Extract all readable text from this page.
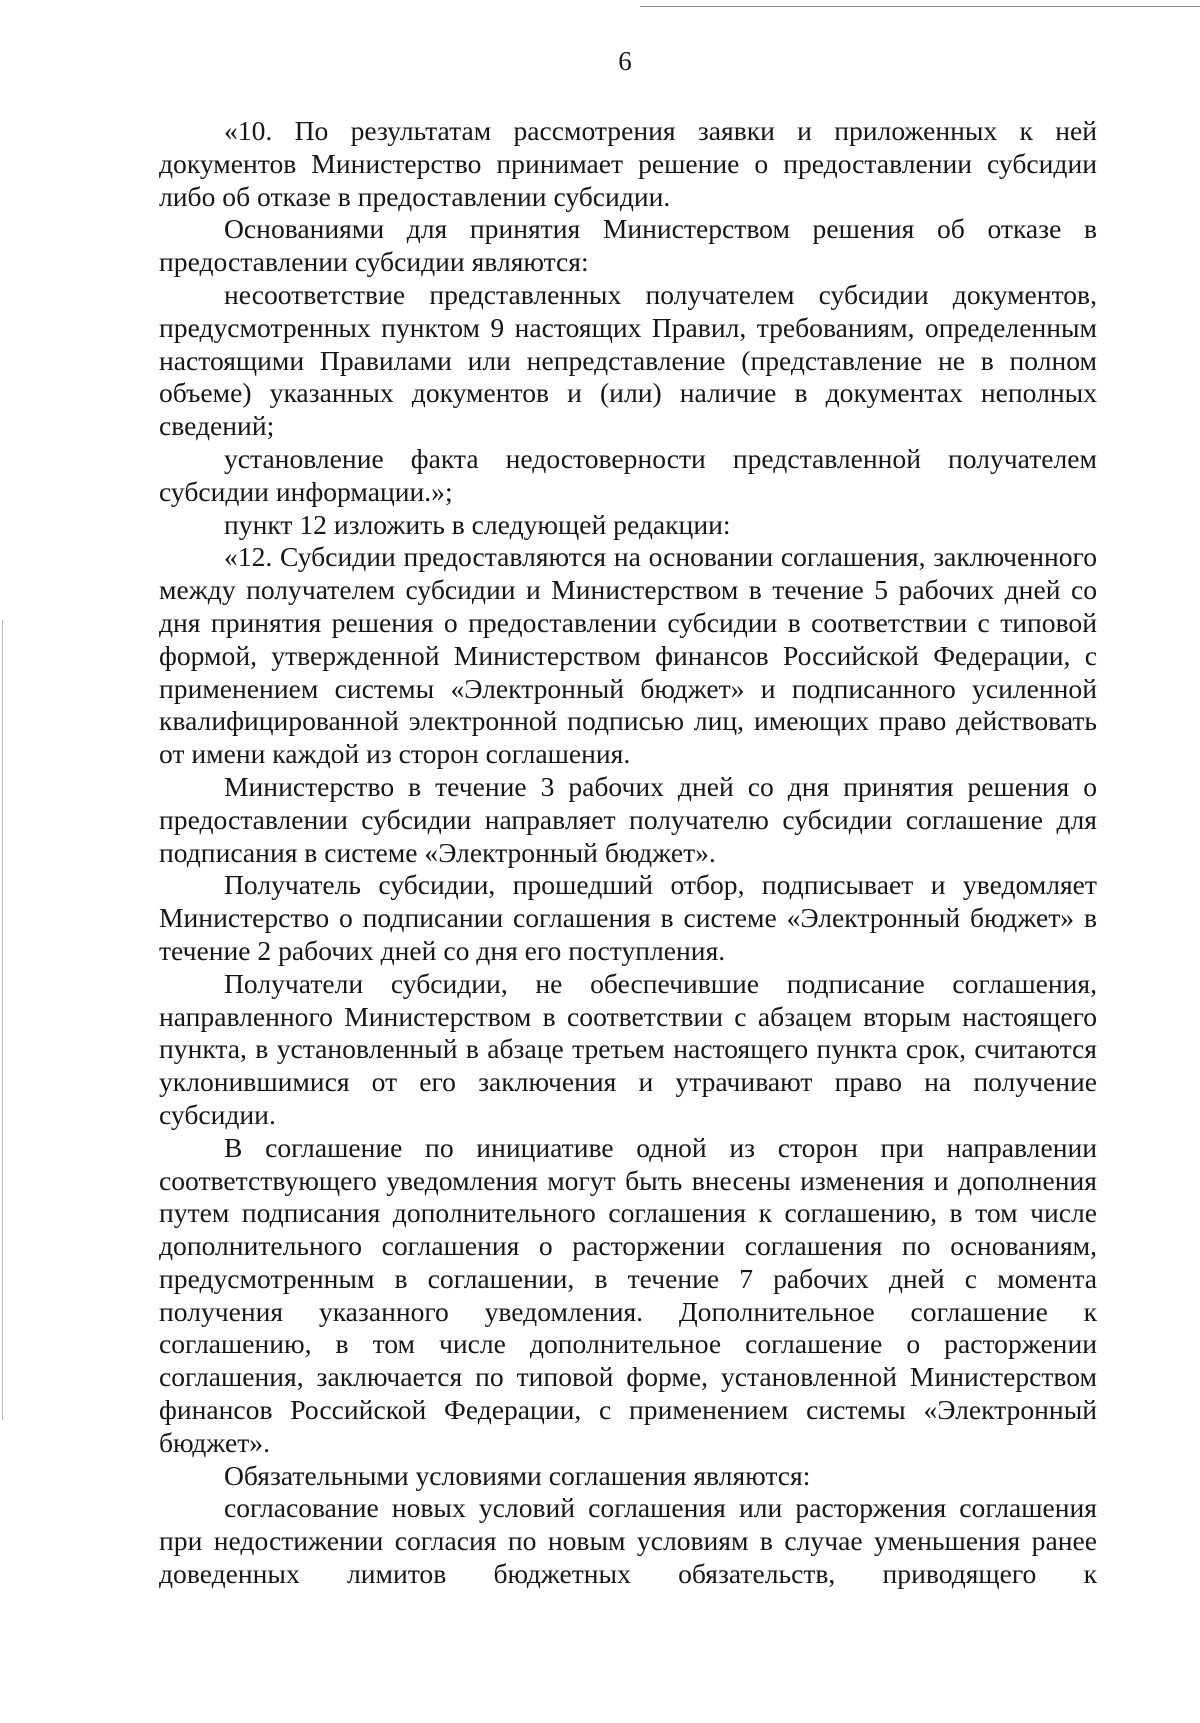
6

«10. По результатам рассмотрения заявки и приложенных к ней документов Министерство принимает решение о предоставлении субсидии либо об отказе в предоставлении субсидии.

Основаниями для принятия Министерством решения об отказе в предоставлении субсидии являются:

несоответствие представленных получателем субсидии документов, предусмотренных пунктом 9 настоящих Правил, требованиям, определенным настоящими Правилами или непредставление (представление не в полном объеме) указанных документов и (или) наличие в документах неполных сведений;

установление факта недостоверности представленной получателем субсидии информации.»;

пункт 12 изложить в следующей редакции:

«12. Субсидии предоставляются на основании соглашения, заключенного между получателем субсидии и Министерством в течение 5 рабочих дней со дня принятия решения о предоставлении субсидии в соответствии с типовой формой, утвержденной Министерством финансов Российской Федерации, с применением системы «Электронный бюджет» и подписанного усиленной квалифицированной электронной подписью лиц, имеющих право действовать от имени каждой из сторон соглашения.

Министерство в течение 3 рабочих дней со дня принятия решения о предоставлении субсидии направляет получателю субсидии соглашение для подписания в системе «Электронный бюджет».

Получатель субсидии, прошедший отбор, подписывает и уведомляет Министерство о подписании соглашения в системе «Электронный бюджет» в течение 2 рабочих дней со дня его поступления.

Получатели субсидии, не обеспечившие подписание соглашения, направленного Министерством в соответствии с абзацем вторым настоящего пункта, в установленный в абзаце третьем настоящего пункта срок, считаются уклонившимися от его заключения и утрачивают право на получение субсидии.

В соглашение по инициативе одной из сторон при направлении соответствующего уведомления могут быть внесены изменения и дополнения путем подписания дополнительного соглашения к соглашению, в том числе дополнительного соглашения о расторжении соглашения по основаниям, предусмотренным в соглашении, в течение 7 рабочих дней с момента получения указанного уведомления. Дополнительное соглашение к соглашению, в том числе дополнительное соглашение о расторжении соглашения, заключается по типовой форме, установленной Министерством финансов Российской Федерации, с применением системы «Электронный бюджет».

Обязательными условиями соглашения являются:

согласование новых условий соглашения или расторжения соглашения при недостижении согласия по новым условиям в случае уменьшения ранее доведенных лимитов бюджетных обязательств, приводящего к
